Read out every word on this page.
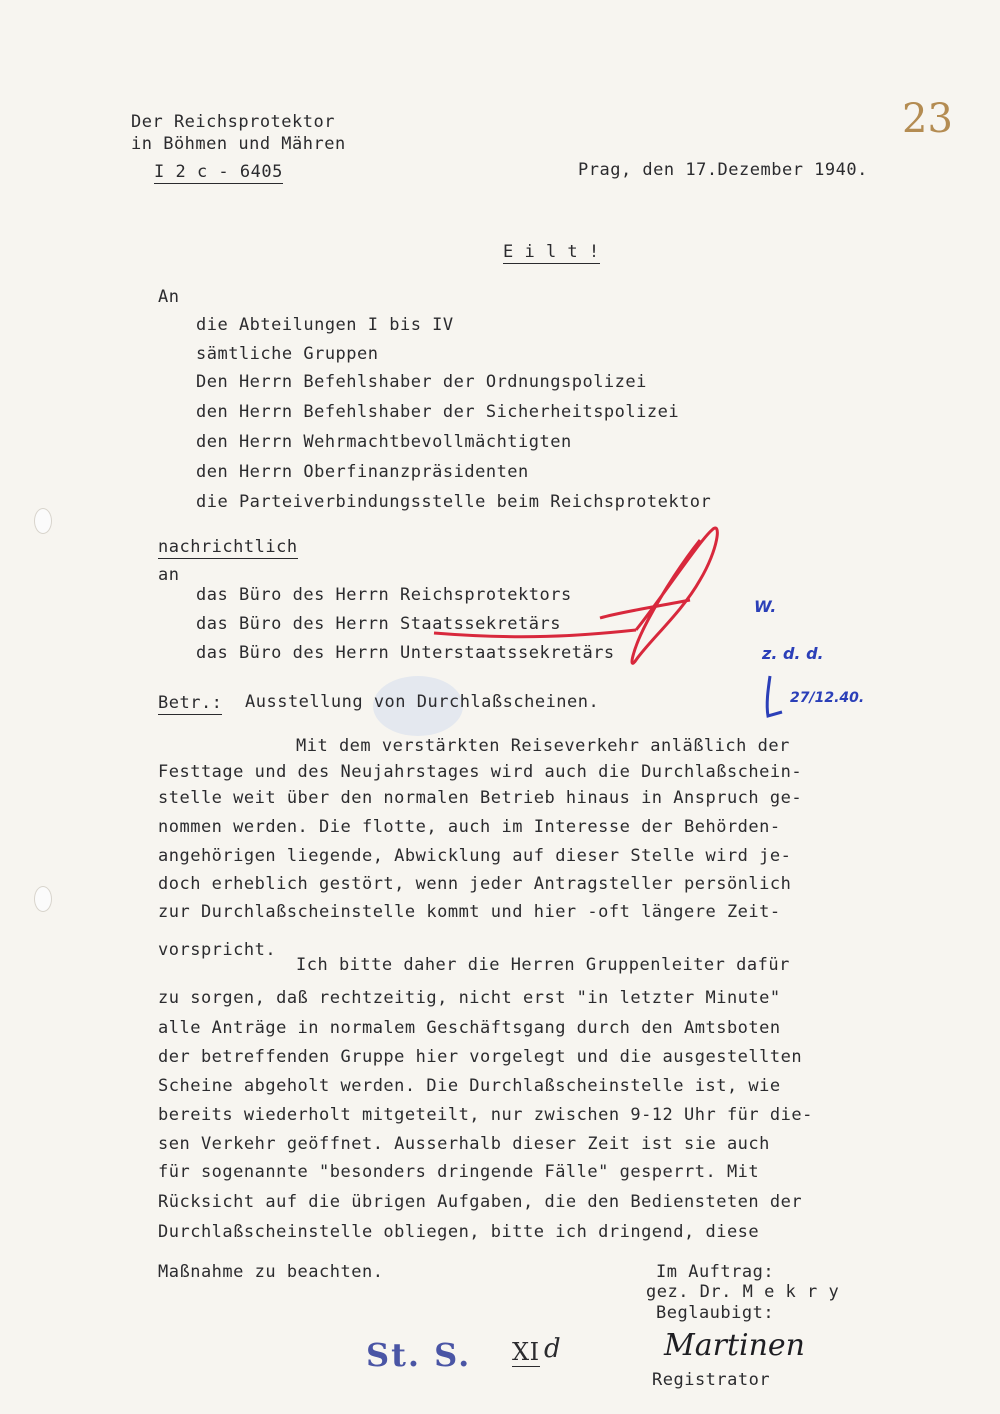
Der Reichsprotektor
in Böhmen und Mähren
I 2 c - 6405	Prag, den 17.Dezember 1940.
23
E i l t !
An
die Abteilungen I bis IV
sämtliche Gruppen
Den Herrn Befehlshaber der Ordnungspolizei
den Herrn Befehlshaber der Sicherheitspolizei
den Herrn Wehrmachtbevollmächtigten
den Herrn Oberfinanzpräsidenten
die Parteiverbindungsstelle beim Reichsprotektor
nachrichtlich
an
das Büro des Herrn Reichsprotektors
das Büro des Herrn Staatssekretärs
das Büro des Herrn Unterstaatssekretärs
W.
z. d. d.
27/12.40.
Betr.: Ausstellung von Durchlaßscheinen.
Mit dem verstärkten Reiseverkehr anläßlich der
Festtage und des Neujahrstages wird auch die Durchlaßschein-
stelle weit über den normalen Betrieb hinaus in Anspruch ge-
nommen werden. Die flotte, auch im Interesse der Behörden-
angehörigen liegende, Abwicklung auf dieser Stelle wird je-
doch erheblich gestört, wenn jeder Antragsteller persönlich
zur Durchlaßscheinstelle kommt und hier -oft längere Zeit-
vorspricht.
Ich bitte daher die Herren Gruppenleiter dafür
zu sorgen, daß rechtzeitig, nicht erst "in letzter Minute"
alle Anträge in normalem Geschäftsgang durch den Amtsboten
der betreffenden Gruppe hier vorgelegt und die ausgestellten
Scheine abgeholt werden. Die Durchlaßscheinstelle ist, wie
bereits wiederholt mitgeteilt, nur zwischen 9-12 Uhr für die-
sen Verkehr geöffnet. Ausserhalb dieser Zeit ist sie auch
für sogenannte "besonders dringende Fälle" gesperrt. Mit
Rücksicht auf die übrigen Aufgaben, die den Bediensteten der
Durchlaßscheinstelle obliegen, bitte ich dringend, diese
Maßnahme zu beachten.	Im Auftrag:
gez. Dr. M e k r y
Beglaubigt:
Martinen
Registrator
St. S. XI d
